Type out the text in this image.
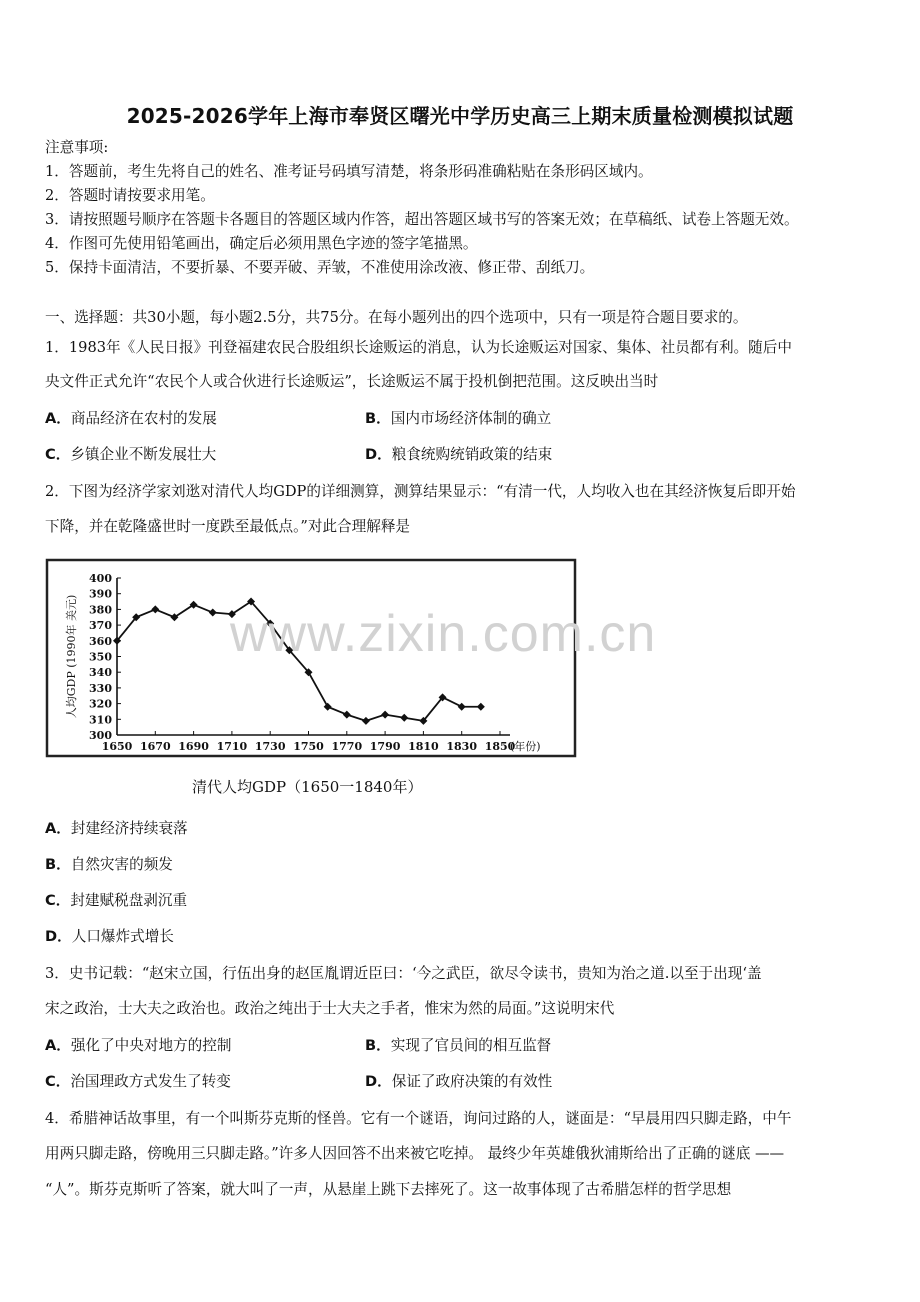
2025-2026学年上海市奉贤区曙光中学历史高三上期末质量检测模拟试题
注意事项:
1．答题前，考生先将自己的姓名、准考证号码填写清楚，将条形码准确粘贴在条形码区域内。
2．答题时请按要求用笔。
3．请按照题号顺序在答题卡各题目的答题区域内作答，超出答题区域书写的答案无效；在草稿纸、试卷上答题无效。
4．作图可先使用铅笔画出，确定后必须用黑色字迹的签字笔描黑。
5．保持卡面清洁，不要折暴、不要弄破、弄皱，不准使用涂改液、修正带、刮纸刀。
一、选择题：共30小题，每小题2.5分，共75分。在每小题列出的四个选项中，只有一项是符合题目要求的。
1．1983年《人民日报》刊登福建农民合股组织长途贩运的消息，认为长途贩运对国家、集体、社员都有利。随后中
央文件正式允许“农民个人或合伙进行长途贩运”，长途贩运不属于投机倒把范围。这反映出当时
A．商品经济在农村的发展	B．国内市场经济体制的确立
C．乡镇企业不断发展壮大	D．粮食统购统销政策的结束
2．下图为经济学家刘逖对清代人均GDP的详细测算，测算结果显示：“有清一代，人均收入也在其经济恢复后即开始
下降，并在乾隆盛世时一度跌至最低点。”对此合理解释是
300
310
320
330
340
350
360
370
380
390
400
1650 1670 1690 1710 1730 1750 1770 1790 1810 1830 1850
(年份)
人均GDP (1990年 美元)
清代人均GDP（1650一1840年）
www.zixin.com.cn
A．封建经济持续衰落
B．自然灾害的频发
C．封建赋税盘剥沉重
D．人口爆炸式增长
3．史书记载：“赵宋立国，行伍出身的赵匡胤谓近臣曰：‘今之武臣，欲尽令读书，贵知为治之道.以至于出现‘盖
宋之政治，士大夫之政治也。政治之纯出于士大夫之手者，惟宋为然的局面。”这说明宋代
A．强化了中央对地方的控制	B．实现了官员间的相互监督
C．治国理政方式发生了转变	D．保证了政府决策的有效性
4．希腊神话故事里，有一个叫斯芬克斯的怪兽。它有一个谜语，询问过路的人，谜面是：“早晨用四只脚走路，中午
用两只脚走路，傍晚用三只脚走路。”许多人因回答不出来被它吃掉。 最终少年英雄俄狄浦斯给出了正确的谜底 ——
“人”。斯芬克斯听了答案，就大叫了一声，从悬崖上跳下去摔死了。这一故事体现了古希腊怎样的哲学思想
